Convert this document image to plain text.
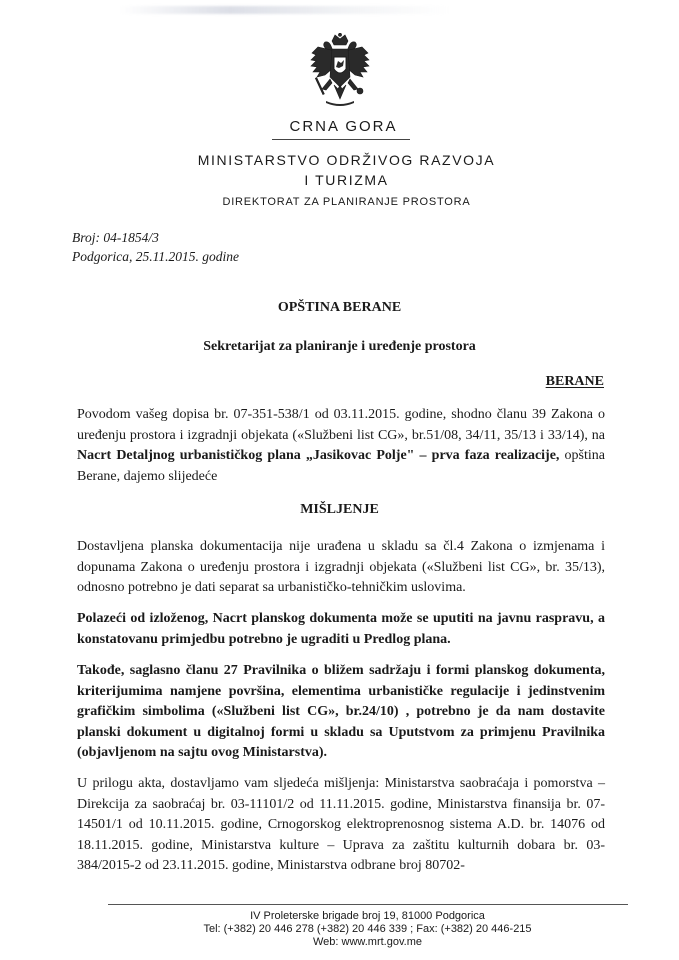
CRNA GORA
MINISTARSTVO ODRŽIVOG RAZVOJA
I TURIZMA
DIREKTORAT ZA PLANIRANJE PROSTORA
Broj: 04-1854/3
Podgorica, 25.11.2015. godine
OPŠTINA BERANE
Sekretarijat za planiranje i uređenje prostora
BERANE

Povodom vašeg dopisa br. 07-351-538/1 od 03.11.2015. godine, shodno članu 39 Zakona o uređenju prostora i izgradnji objekata («Službeni list CG», br.51/08, 34/11, 35/13 i 33/14), na Nacrt Detaljnog urbanističkog plana „Jasikovac Polje" – prva faza realizacije, opština Berane, dajemo slijedeće

MIŠLJENJE

Dostavljena planska dokumentacija nije urađena u skladu sa čl.4 Zakona o izmjenama i dopunama Zakona o uređenju prostora i izgradnji objekata («Službeni list CG», br. 35/13), odnosno potrebno je dati separat sa urbanističko-tehničkim uslovima.

Polazeći od izloženog, Nacrt planskog dokumenta može se uputiti na javnu raspravu, a konstatovanu primjedbu potrebno je ugraditi u Predlog plana.

Takođe, saglasno članu 27 Pravilnika o bližem sadržaju i formi planskog dokumenta, kriterijumima namjene površina, elementima urbanističke regulacije i jedinstvenim grafičkim simbolima («Službeni list CG», br.24/10) , potrebno je da nam dostavite planski dokument u digitalnoj formi u skladu sa Uputstvom za primjenu Pravilnika (objavljenom na sajtu ovog Ministarstva).

U prilogu akta, dostavljamo vam sljedeća mišljenja: Ministarstva saobraćaja i pomorstva – Direkcija za saobraćaj br. 03-11101/2 od 11.11.2015. godine, Ministarstva finansija br. 07-14501/1 od 10.11.2015. godine, Crnogorskog elektroprenosnog sistema A.D. br. 14076 od 18.11.2015. godine, Ministarstva kulture – Uprava za zaštitu kulturnih dobara br. 03-384/2015-2 od 23.11.2015. godine, Ministarstva odbrane broj 80702-

IV Proleterske brigade broj 19, 81000 Podgorica
Tel: (+382) 20 446 278 (+382) 20 446 339 ; Fax: (+382) 20 446-215
Web: www.mrt.gov.me
